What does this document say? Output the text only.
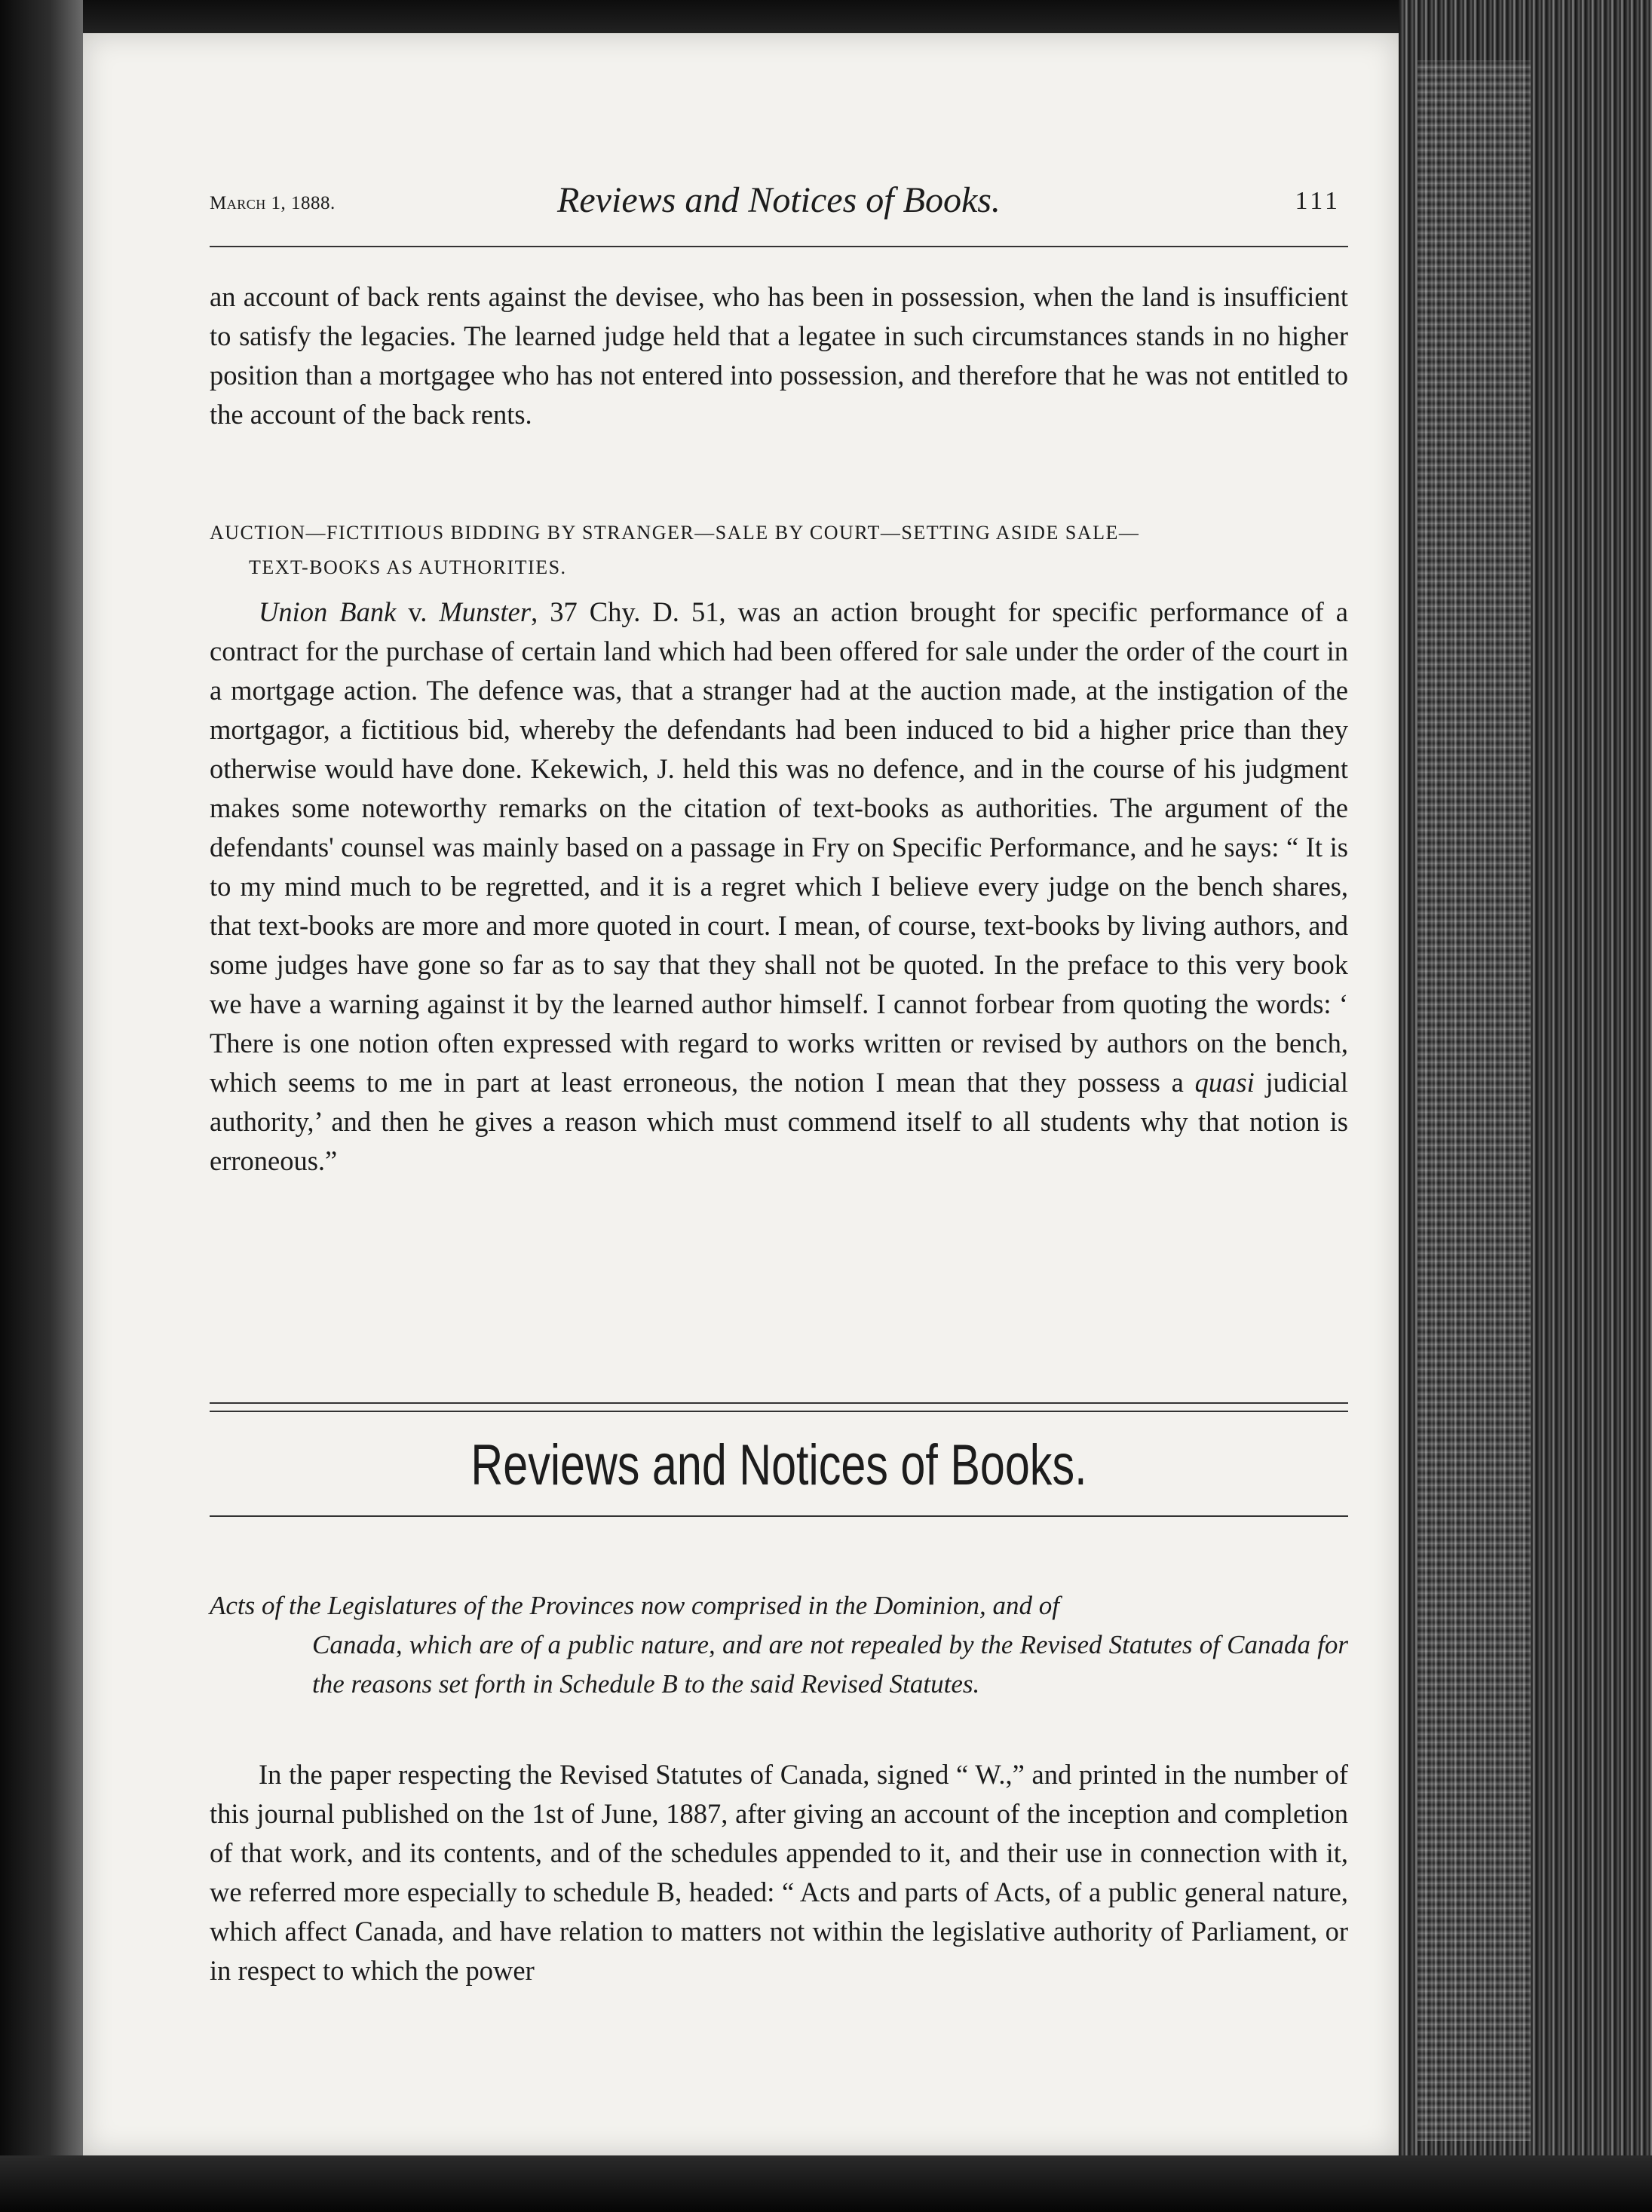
March 1, 1888.	Reviews and Notices of Books.	111
an account of back rents against the devisee, who has been in possession, when the land is insufficient to satisfy the legacies. The learned judge held that a legatee in such circumstances stands in no higher position than a mortgagee who has not entered into possession, and therefore that he was not entitled to the account of the back rents.
AUCTION—FICTITIOUS BIDDING BY STRANGER—SALE BY COURT—SETTING ASIDE SALE—
TEXT-BOOKS AS AUTHORITIES.
Union Bank v. Munster, 37 Chy. D. 51, was an action brought for specific performance of a contract for the purchase of certain land which had been offered for sale under the order of the court in a mortgage action. The defence was, that a stranger had at the auction made, at the instigation of the mortgagor, a fictitious bid, whereby the defendants had been induced to bid a higher price than they otherwise would have done. Kekewich, J. held this was no defence, and in the course of his judgment makes some noteworthy remarks on the citation of text-books as authorities. The argument of the defendants' counsel was mainly based on a passage in Fry on Specific Performance, and he says: “ It is to my mind much to be regretted, and it is a regret which I believe every judge on the bench shares, that text-books are more and more quoted in court. I mean, of course, text-books by living authors, and some judges have gone so far as to say that they shall not be quoted. In the preface to this very book we have a warning against it by the learned author himself. I cannot forbear from quoting the words: ‘ There is one notion often expressed with regard to works written or revised by authors on the bench, which seems to me in part at least erroneous, the notion I mean that they possess a quasi judicial authority,’ and then he gives a reason which must commend itself to all students why that notion is erroneous.”
Reviews and Notices of Books.
Acts of the Legislatures of the Provinces now comprised in the Dominion, and of
Canada, which are of a public nature, and are not repealed by the Revised Statutes of Canada for the reasons set forth in Schedule B to the said Revised Statutes.
In the paper respecting the Revised Statutes of Canada, signed “ W.,” and printed in the number of this journal published on the 1st of June, 1887, after giving an account of the inception and completion of that work, and its contents, and of the schedules appended to it, and their use in connection with it, we referred more especially to schedule B, headed: “ Acts and parts of Acts, of a public general nature, which affect Canada, and have relation to matters not within the legislative authority of Parliament, or in respect to which the power
